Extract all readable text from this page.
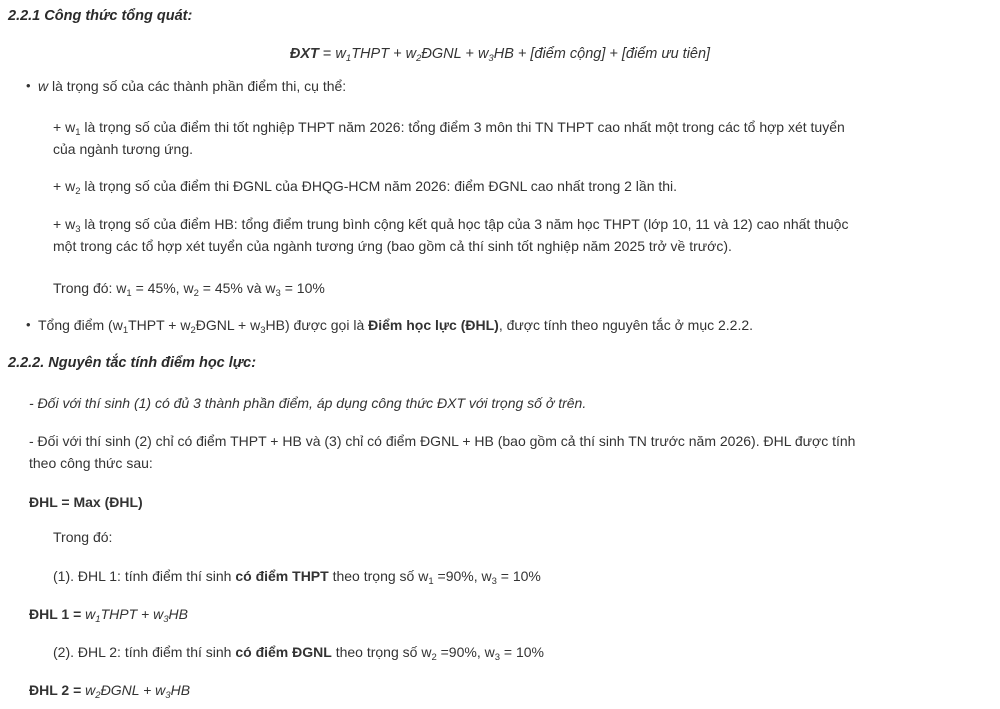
2.2.1 Công thức tổng quát:
ĐXT = $w_1THPT$ + $w_2ĐGNL + w_3HB$ + [điểm cộng] + [điểm ưu tiên]
• w là trọng số của các thành phần điểm thi, cụ thể:
+ $w_1$ là trọng số của điểm thi tốt nghiệp THPT năm 2026: tổng điểm 3 môn thi TN THPT cao nhất một trong các tổ hợp xét tuyển của ngành tương ứng.
+ $w_2$ là trọng số của điểm thi ĐGNL của ĐHQG-HCM năm 2026: điểm ĐGNL cao nhất trong 2 lần thi.
+ $w_3$ là trọng số của điểm HB: tổng điểm trung bình cộng kết quả học tập của 3 năm học THPT (lớp 10, 11 và 12) cao nhất thuộc một trong các tổ hợp xét tuyển của ngành tương ứng (bao gồm cả thí sinh tốt nghiệp năm 2025 trở về trước).
Trong đó: $w_1 = 45\%$, $w_2 = 45\%$ và $w_3 = 10\%$
• Tổng điểm ($w_1THPT$ + $w_2ĐGNL + w_3HB$) được gọi là Điểm học lực (ĐHL), được tính theo nguyên tắc ở mục 2.2.2.
2.2.2. Nguyên tắc tính điểm học lực:
- Đối với thí sinh (1) có đủ 3 thành phần điểm, áp dụng công thức ĐXT với trọng số ở trên.
- Đối với thí sinh (2) chỉ có điểm THPT + HB và (3) chỉ có điểm ĐGNL + HB (bao gồm cả thí sinh TN trước năm 2026). ĐHL được tính theo công thức sau:
ĐHL = Max (ĐHL)
Trong đó:
(1). ĐHL 1: tính điểm thí sinh có điểm THPT theo trọng số $w_1 =90\%$, $w_3 = 10\%$
ĐHL $1 = w_1THPT + w_3HB$
(2). ĐHL 2: tính điểm thí sinh có điểm ĐGNL theo trọng số $w_2 =90\%$, $w_3 = 10\%$
ĐHL $2 = w_2ĐGNL + w_3HB$
